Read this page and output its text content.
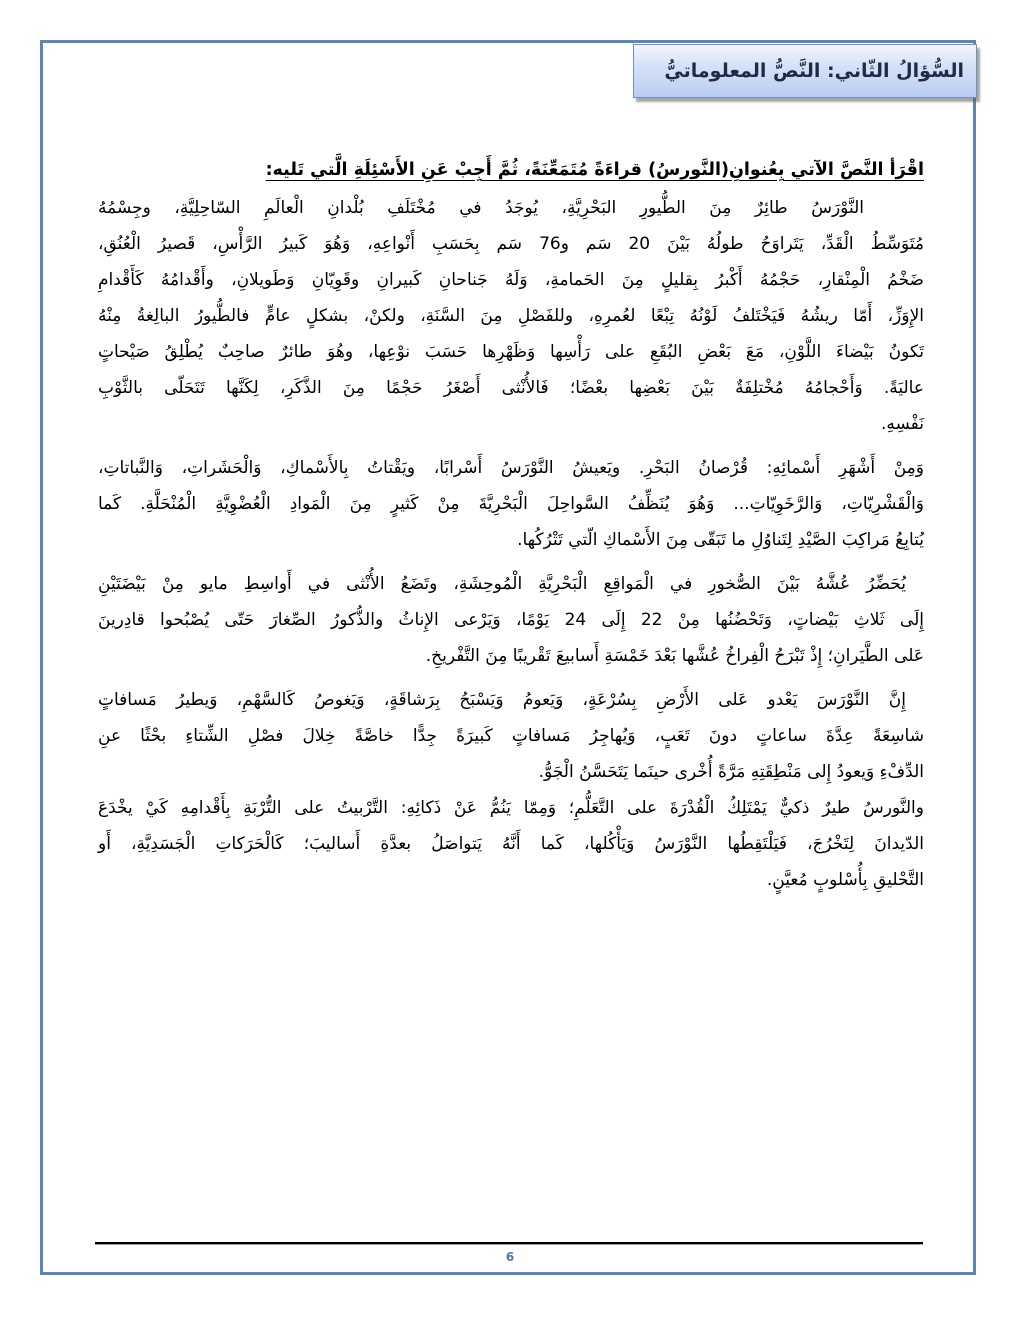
السُّؤالُ الثّاني: النَّصُّ المعلوماتيُّ

اقْرَأ النَّصَّ الآتي بِعُنوانِ(النَّورسُ) قراءَةً مُتَمَعِّنَةً، ثُمَّ أَجِبْ عَنِ الأَسْئِلَةِ الَّتي تَليه:

النَّوْرَسُ طائِرٌ مِنَ الطُّيورِ البَحْرِيَّةِ، يُوجَدُ في مُخْتَلَفِ بُلْدانِ الْعالَمِ السّاحِلِيَّةِ، وجِسْمُهُ

مُتَوَسِّطُ الْقَدِّ، يَتَراوَحُ طولُهُ بَيْنَ 20 سَم و76 سَم بِحَسَبِ أَنْواعِهِ، وَهُوَ كَبيرُ الرَّأْسِ، قَصيرُ الْعُنُقِ،

ضَخْمُ الْمِنْقارِ، حَجْمُهُ أَكْبرُ بِقليلٍ مِنَ الحَمامةِ، وَلَهُ جَناحانِ كَبيرانِ وقَوِيّانِ وَطَويلانِ، وأَقْدامُهُ كَأَقْدامِ

الإِوَزِّ، أَمّا ريشُهُ فَيَخْتَلفُ لَوْنُهُ تِبْعًا لعُمرِهِ، وللفَصْلِ مِنَ السَّنَةِ، ولكنْ، بشكلٍ عامٍّ فالطُّيورُ البالِغةُ مِنْهُ

تَكونُ بَيْضاءَ اللَّوْنِ، مَعَ بَعْضِ البُقَعِ على رَأْسِها وَظَهْرِها حَسَبَ نوْعِها، وهُوَ طائرٌ صاحِبٌ يُطْلِقُ صَيْحاتٍ

عاليَةً. وَأَحْجامُهُ مُخْتلِفَةٌ بَيْنَ بَعْضِها بعْضًا؛ فَالأُنْثى أَصْغَرُ حَجْمًا مِنَ الذَّكَرِ، لِكَنَّها تَتَحَلّى بالثَّوْبِ

نَفْسِهِ.

وَمِنْ أَشْهَرِ أَسْمائِهِ: قُرْصانُ البَحْرِ. ويَعيشُ النَّوْرَسُ أَسْرابًا، ويَقْتاتُ بِالأَسْماكِ، وَالْحَشَراتِ، وَالنَّباتاتِ،

وَالْقَشْرِيّاتِ، وَالرَّخَوِيّاتِ... وَهُوَ يُنَظِّفُ السَّواحِلَ الْبَحْرِيَّةَ مِنْ كَثيرٍ مِنَ الْمَوادِ الْعُضْوِيَّةِ الْمُنْحَلَّةِ. كَما

يُتابِعُ مَراكِبَ الصَّيْدِ لِتَناوُلِ ما تَبَقّى مِنَ الأَسْماكِ الّتي تَتْرُكُها.

يُحَضِّرُ عُشَّهُ بَيْنَ الصُّخورِ في الْمَواقِعِ الْبَحْرِيَّةِ الْمُوحِشَةِ، وتَضَعُ الأُنْثى في أَواسِطِ مايو مِنْ بَيْضَتَيْنِ

إِلَى ثَلاثِ بَيْضاتٍ، وَتَحْضُنُها مِنْ 22 إِلَى 24 يَوْمًا، وَيَرْعى الإِناثُ والذُّكورُ الصِّغارَ حَتّى يُصْبُحوا قادِرينَ

عَلى الطَّيَرانِ؛ إِذْ تَبْرَحُ الْفِراخُ عُشَّها بَعْدَ خَمْسَةِ أَسابيعَ تَقْريبًا مِنَ التَّفْريخِ.

إِنَّ النَّوْرَسَ يَعْدو عَلى الأَرْضِ بِسُرْعَةٍ، وَيَعومُ وَيَسْبَحُ بِرَشاقَةٍ، وَيَغوصُ كَالسَّهْمِ، وَيطيرُ مَسافاتٍ

شاسِعَةً عِدَّةَ ساعاتٍ دونَ تَعَبٍ، وَيُهاجِرُ مَسافاتٍ كَبيرَةً جِدًّا خاصَّةً خِلالَ فصْلِ الشِّتاءِ بحْثًا عنِ

الدِّفْءِ وَيعودُ إِلى مَنْطِقَتِهِ مَرَّةً أُخْرى حينَما يَتَحَسَّنُ الْجَوُّ.

والنَّورسُ طيرٌ ذكيٌّ يَمْتَلِكُ الْقُدْرَةَ على التَّعَلُّمِ؛ وَمِمّا يَنُمُّ عَنْ ذَكائِهِ: التَّرْبيتُ على التُّرْبَةِ بِأَقْدامِهِ كَيْ يخْدَعَ

الدّيدانَ لِتَخْرُجَ، فَيَلْتَقِطُها النَّوْرَسُ وَيَأْكُلها، كَما أَنَّهُ يَتواصَلُ بعدَّةِ أَساليبَ؛ كَالْحَرَكاتِ الْجَسَدِيَّةِ، أَو

التَّحْليقِ بِأُسْلوبٍ مُعيَّنٍ.

6
